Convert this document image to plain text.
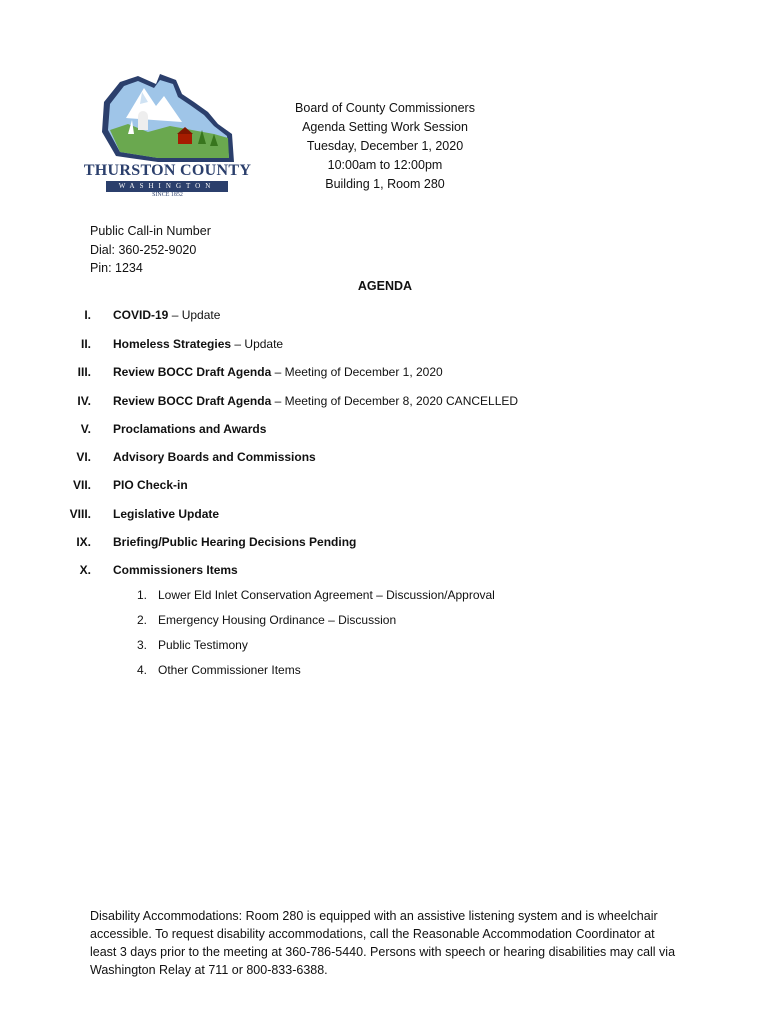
THURSTON COUNTY
WASHINGTON
SINCE 1852
Board of County Commissioners
Agenda Setting Work Session
Tuesday, December 1, 2020
10:00am to 12:00pm
Building 1, Room 280
Public Call-in Number
Dial: 360-252-9020
Pin: 1234
AGENDA
I. COVID-19 – Update
II. Homeless Strategies – Update
III. Review BOCC Draft Agenda – Meeting of December 1, 2020
IV. Review BOCC Draft Agenda – Meeting of December 8, 2020 CANCELLED
V. Proclamations and Awards
VI. Advisory Boards and Commissions
VII. PIO Check-in
VIII. Legislative Update
IX. Briefing/Public Hearing Decisions Pending
X. Commissioners Items
1. Lower Eld Inlet Conservation Agreement – Discussion/Approval
2. Emergency Housing Ordinance – Discussion
3. Public Testimony
4. Other Commissioner Items
Disability Accommodations: Room 280 is equipped with an assistive listening system and is wheelchair accessible. To request disability accommodations, call the Reasonable Accommodation Coordinator at least 3 days prior to the meeting at 360-786-5440. Persons with speech or hearing disabilities may call via Washington Relay at 711 or 800-833-6388.
